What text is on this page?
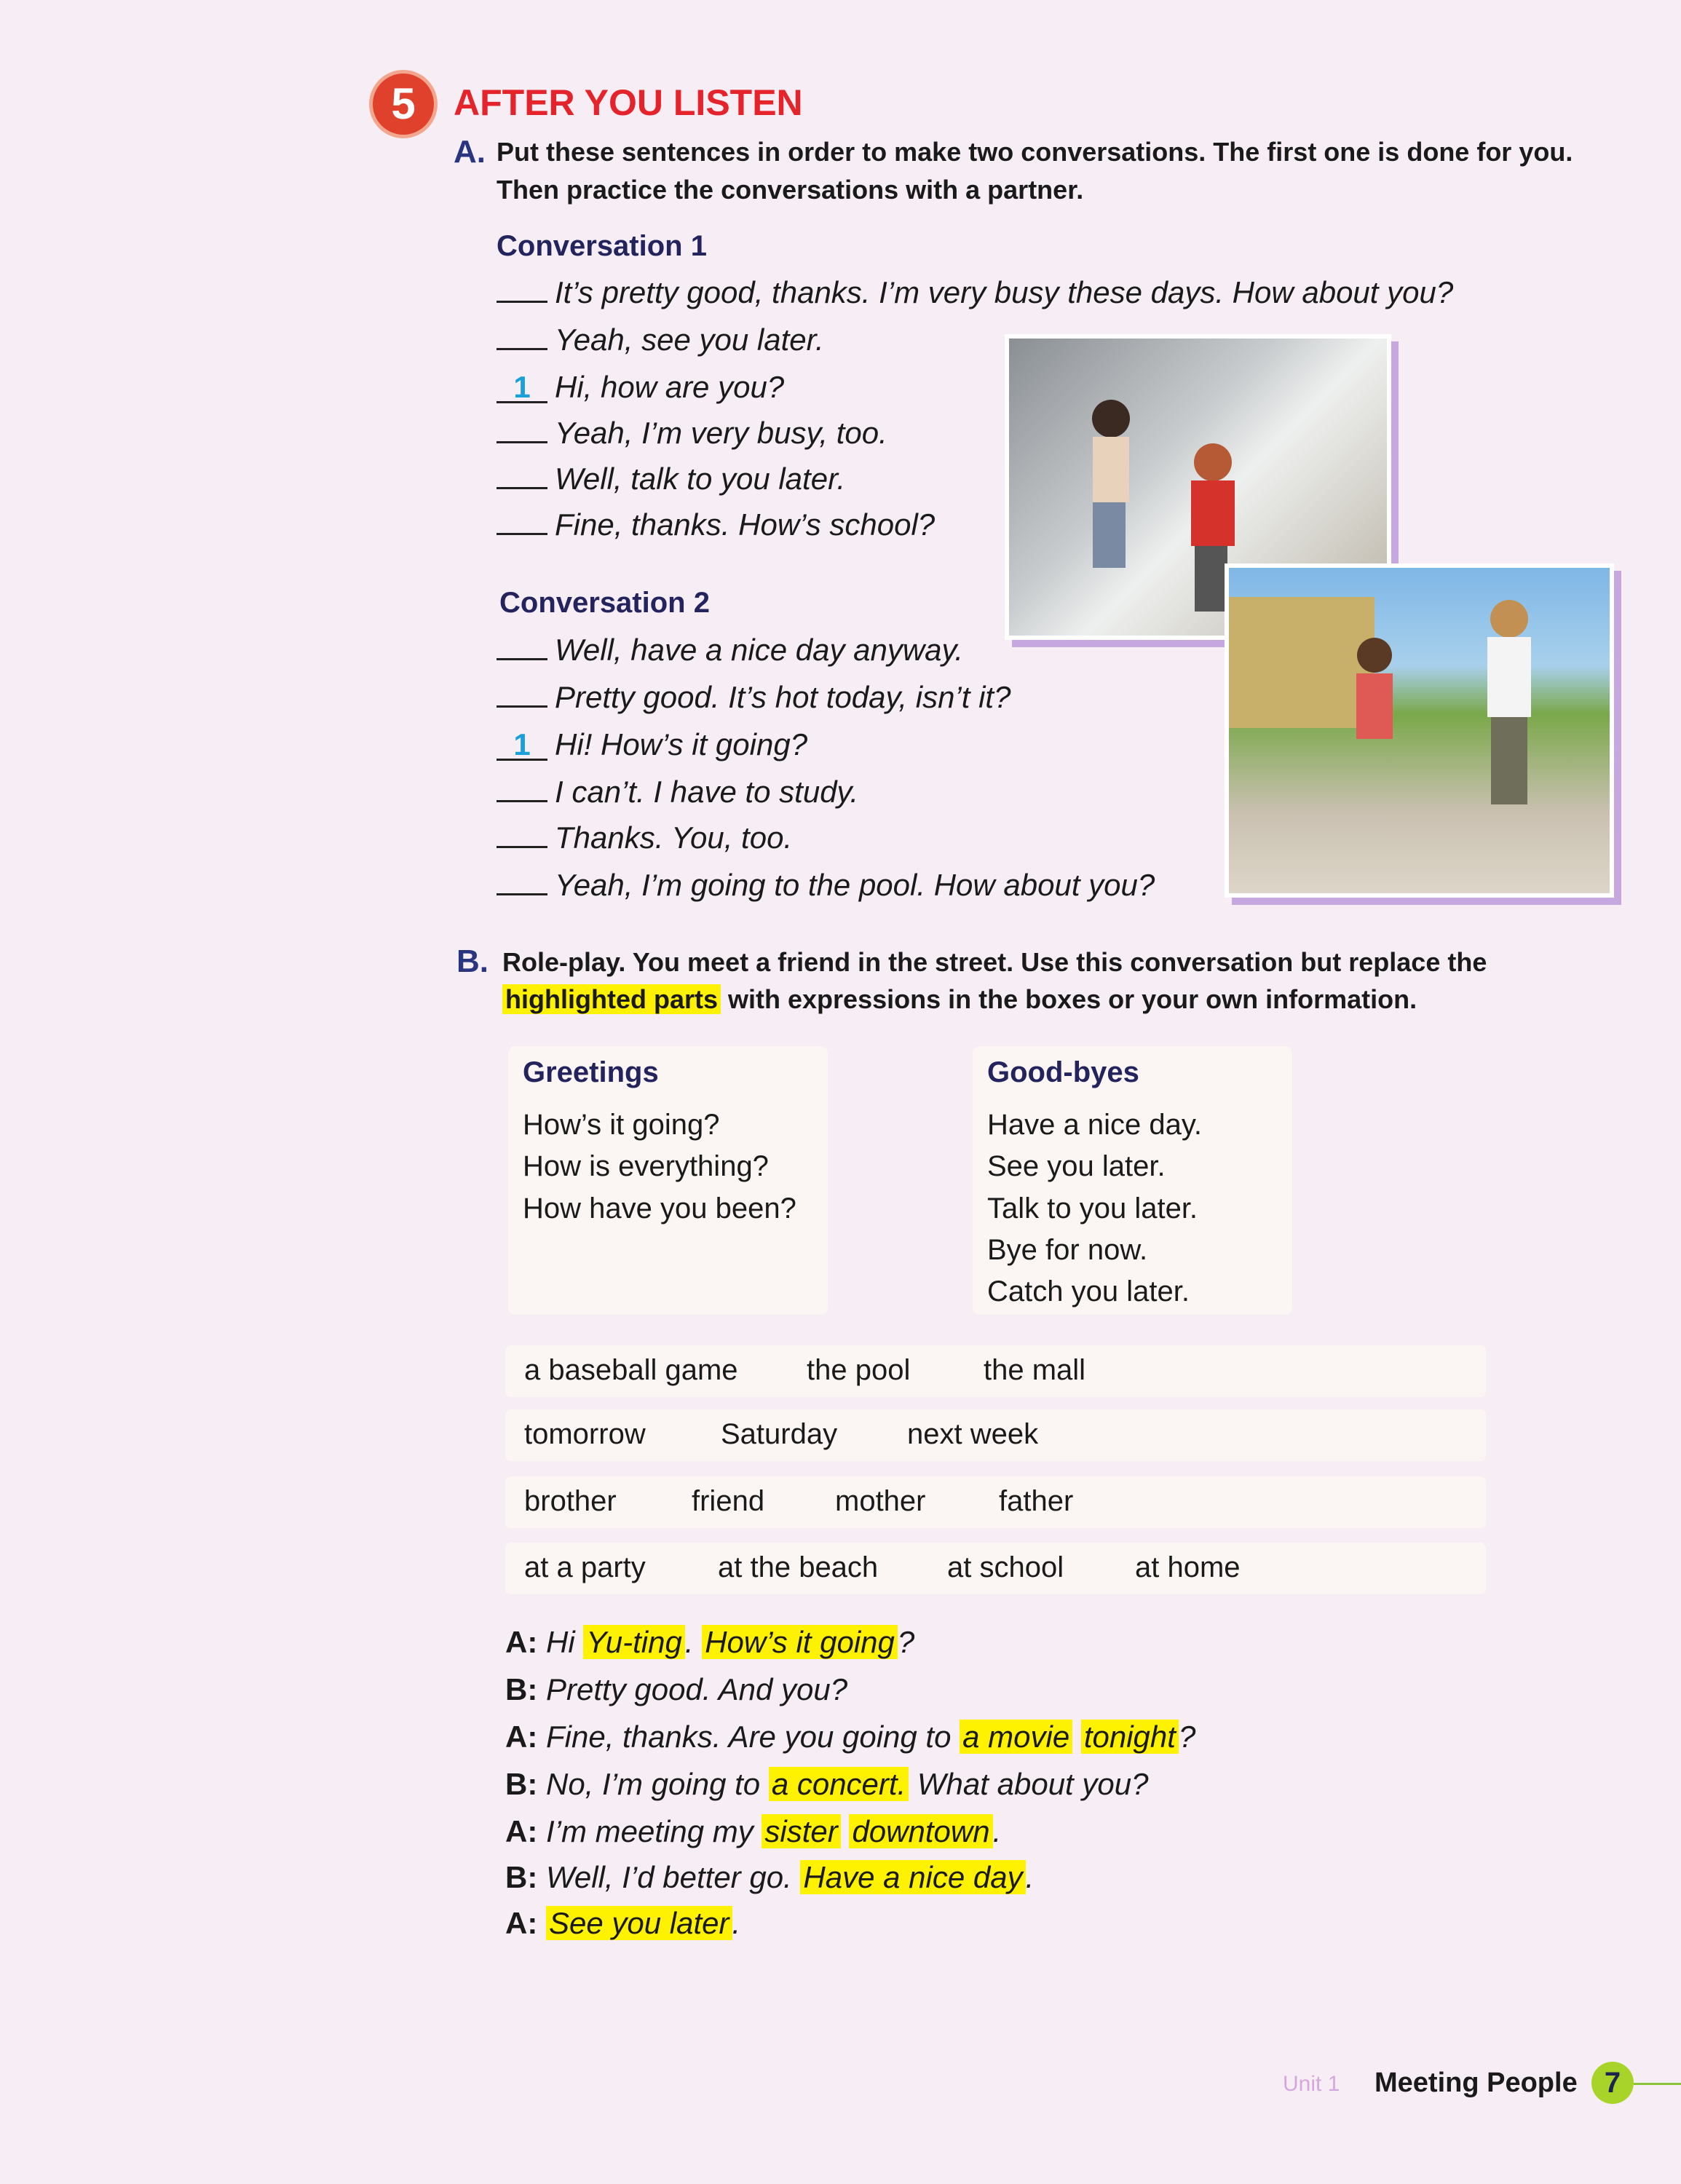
5	AFTER YOU LISTEN
A. Put these sentences in order to make two conversations. The first one is done for you.
Then practice the conversations with a partner.
Conversation 1
It’s pretty good, thanks. I’m very busy these days. How about you?
Yeah, see you later.
1 Hi, how are you?
Yeah, I’m very busy, too.
Well, talk to you later.
Fine, thanks. How’s school?
Conversation 2
Well, have a nice day anyway.
Pretty good. It’s hot today, isn’t it?
1 Hi! How’s it going?
I can’t. I have to study.
Thanks. You, too.
Yeah, I’m going to the pool. How about you?
B. Role-play. You meet a friend in the street. Use this conversation but replace the
highlighted parts with expressions in the boxes or your own information.
Greetings
How’s it going?
How is everything?
How have you been?
Good-byes
Have a nice day.
See you later.
Talk to you later.
Bye for now.
Catch you later.
a baseball game the pool	the mall
tomorrow	Saturday next week
brother	friend mother	father
at a party at the beach at school at home
A: Hi Yu-ting. How’s it going?
B: Pretty good. And you?
A: Fine, thanks. Are you going to a movie tonight?
B: No, I’m going to a concert. What about you?
A: I’m meeting my sister downtown.
B: Well, I’d better go. Have a nice day.
A: See you later.
Unit 1 Meeting People 7
